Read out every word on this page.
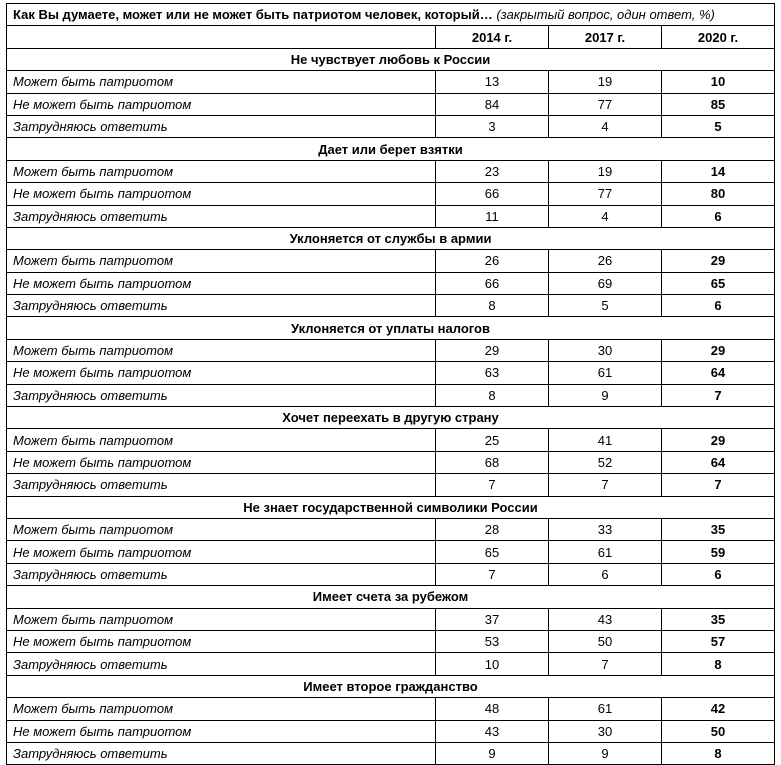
Как Вы думаете, может или не может быть патриотом человек, который… (закрытый вопрос, один ответ, %)			
	2014 г.	2017 г.	2020 г.
Не чувствует любовь к России			
Может быть патриотом	13	19	10
Не может быть патриотом	84	77	85
Затрудняюсь ответить	3	4	5
Дает или берет взятки			
Может быть патриотом	23	19	14
Не может быть патриотом	66	77	80
Затрудняюсь ответить	11	4	6
Уклоняется от службы в армии			
Может быть патриотом	26	26	29
Не может быть патриотом	66	69	65
Затрудняюсь ответить	8	5	6
Уклоняется от уплаты налогов			
Может быть патриотом	29	30	29
Не может быть патриотом	63	61	64
Затрудняюсь ответить	8	9	7
Хочет переехать в другую страну			
Может быть патриотом	25	41	29
Не может быть патриотом	68	52	64
Затрудняюсь ответить	7	7	7
Не знает государственной символики России			
Может быть патриотом	28	33	35
Не может быть патриотом	65	61	59
Затрудняюсь ответить	7	6	6
Имеет счета за рубежом			
Может быть патриотом	37	43	35
Не может быть патриотом	53	50	57
Затрудняюсь ответить	10	7	8
Имеет второе гражданство			
Может быть патриотом	48	61	42
Не может быть патриотом	43	30	50
Затрудняюсь ответить	9	9	8
